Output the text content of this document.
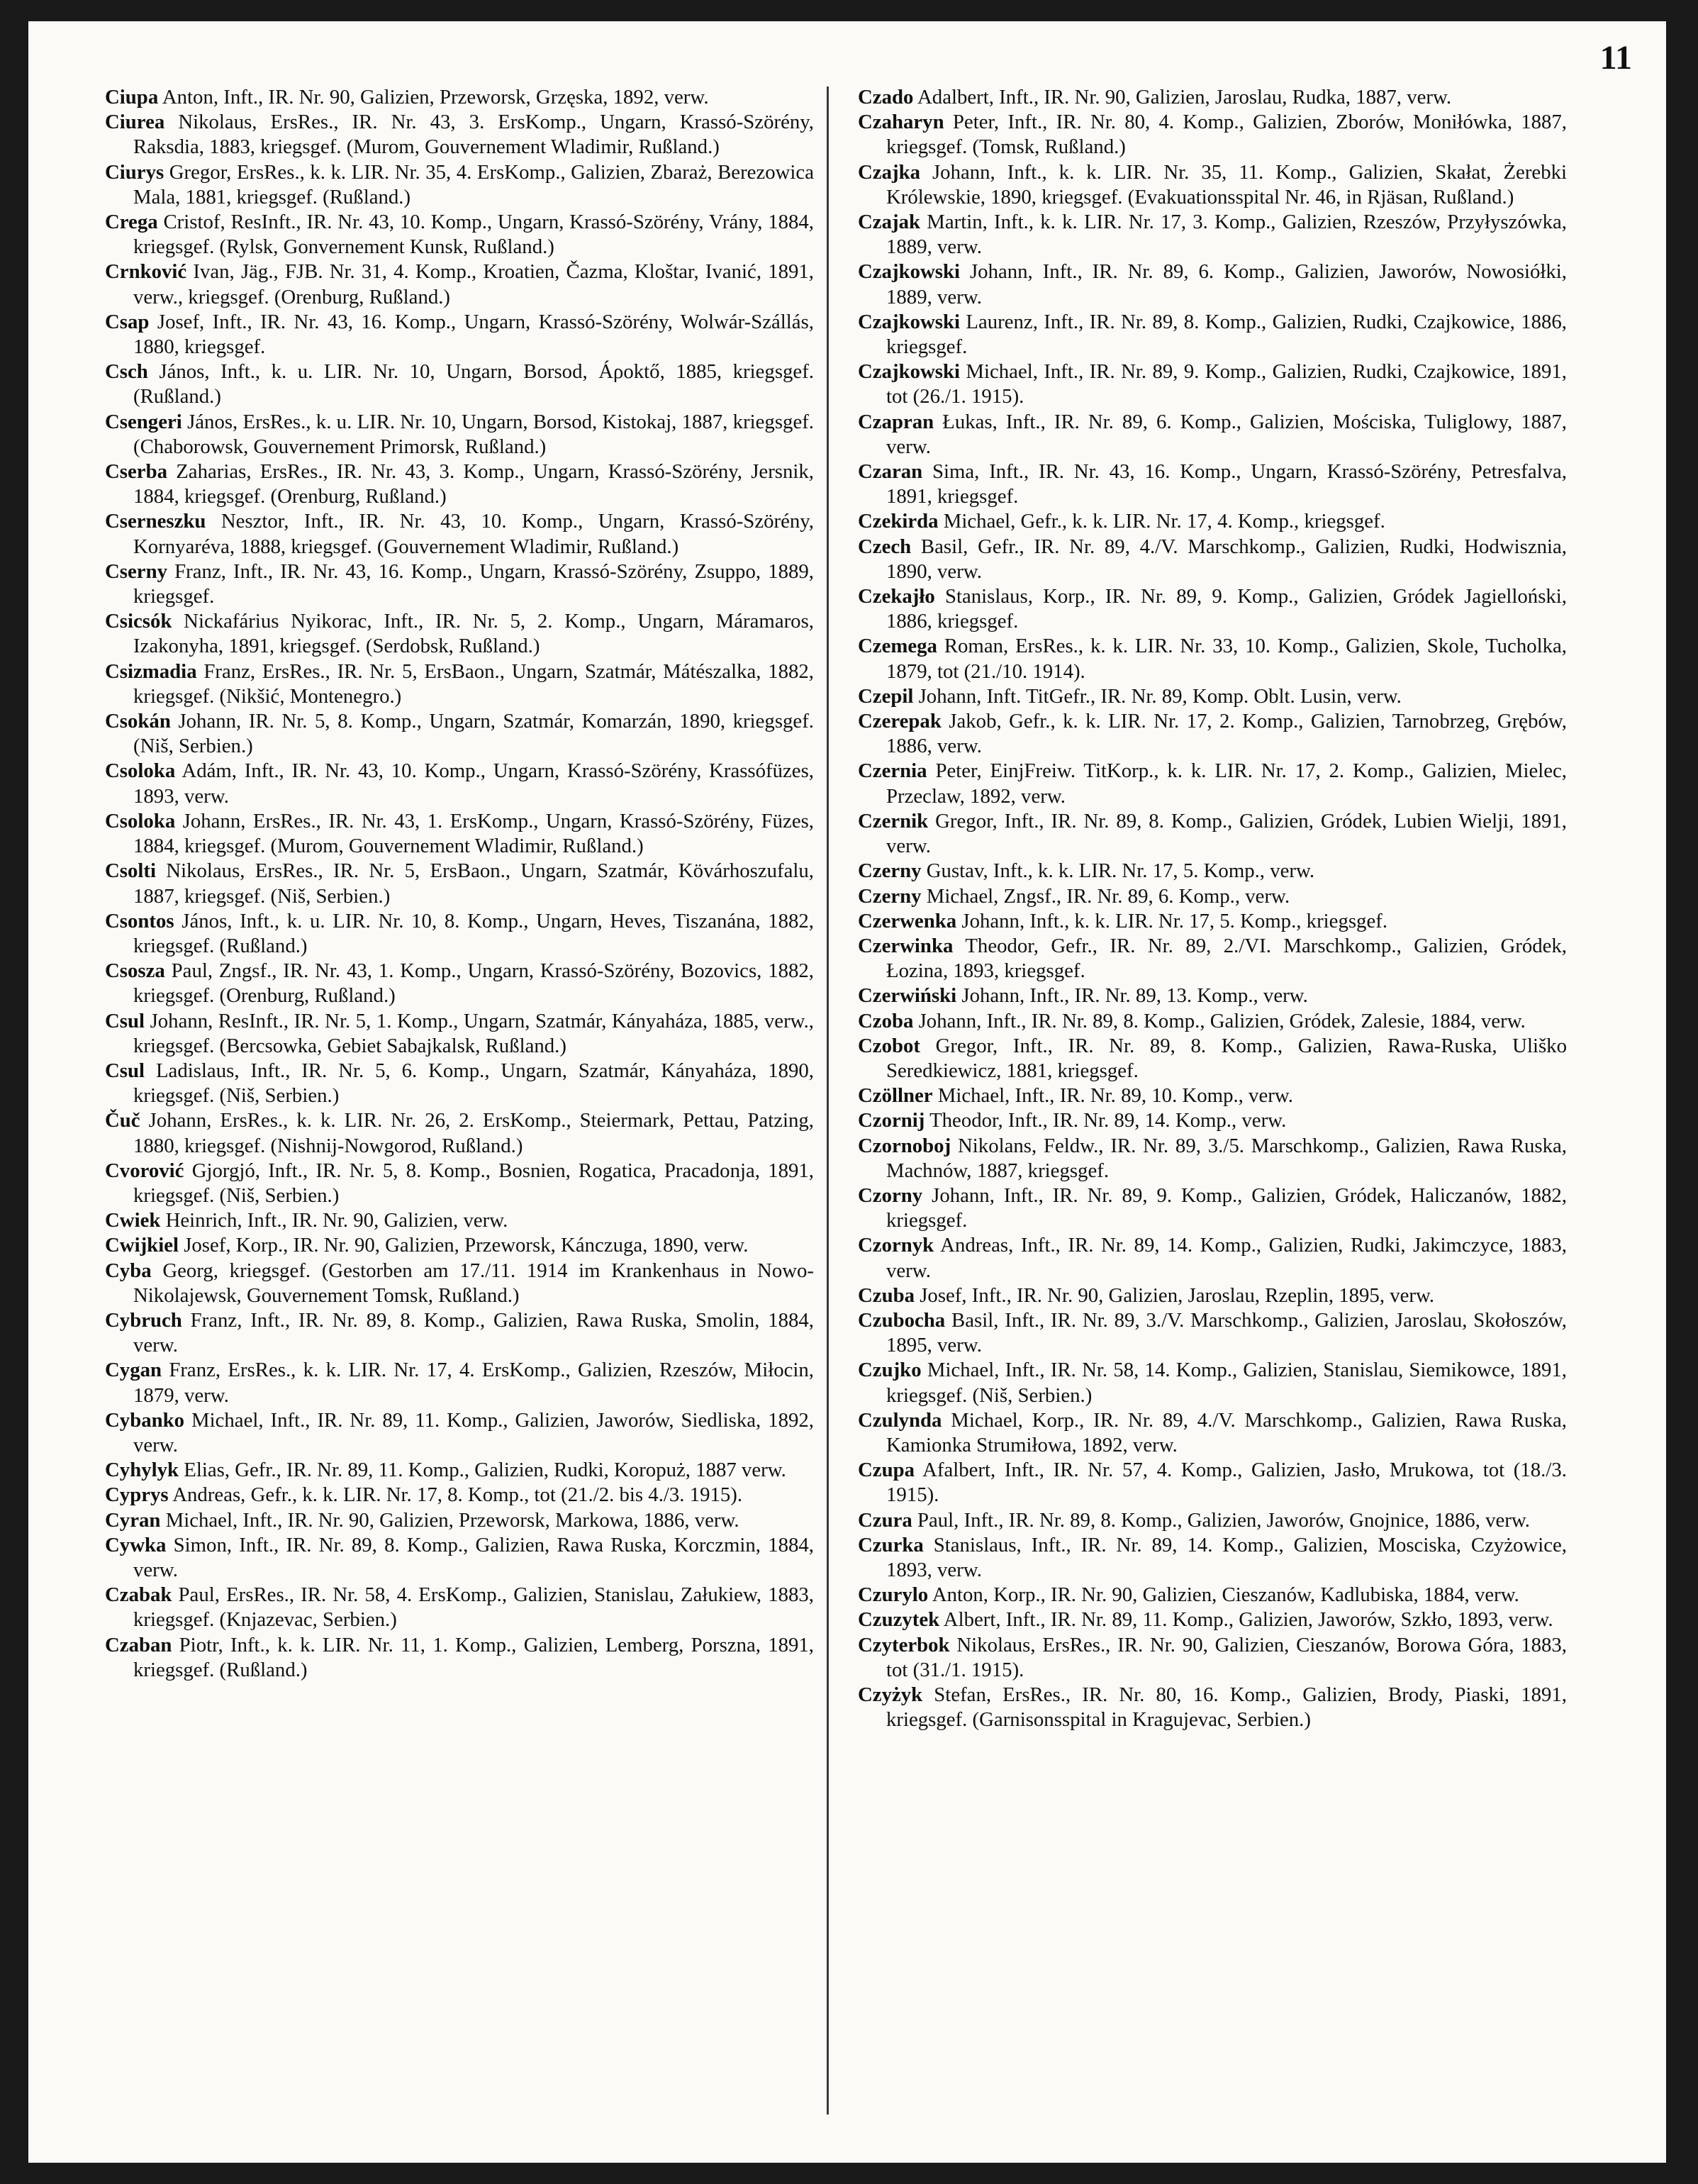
11
Ciupa Anton, Inft., IR. Nr. 90, Galizien, Przeworsk, Grzęska, 1892, verw.
Ciurea Nikolaus, ErsRes., IR. Nr. 43, 3. ErsKomp., Ungarn, Krassó-Szörény, Raksdia, 1883, kriegsgef. (Murom, Gouvernement Wladimir, Rußland.)
Ciurys Gregor, ErsRes., k. k. LIR. Nr. 35, 4. ErsKomp., Galizien, Zbaraż, Berezowica Mala, 1881, kriegsgef. (Rußland.)
Crega Cristof, ResInft., IR. Nr. 43, 10. Komp., Ungarn, Krassó-Szörény, Vrány, 1884, kriegsgef. (Rylsk, Gonvernement Kunsk, Rußland.)
Crnković Ivan, Jäg., FJB. Nr. 31, 4. Komp., Kroatien, Čazma, Kloštar, Ivanić, 1891, verw., kriegsgef. (Orenburg, Rußland.)
Csap Josef, Inft., IR. Nr. 43, 16. Komp., Ungarn, Krassó-Szörény, Wolwár-Szállás, 1880, kriegsgef.
Csch János, Inft., k. u. LIR. Nr. 10, Ungarn, Borsod, Áροktő, 1885, kriegsgef. (Rußland.)
Csengeri János, ErsRes., k. u. LIR. Nr. 10, Ungarn, Borsod, Kistokaj, 1887, kriegsgef. (Chaborowsk, Gouvernement Primorsk, Rußland.)
Cserba Zaharias, ErsRes., IR. Nr. 43, 3. Komp., Ungarn, Krassó-Szörény, Jersnik, 1884, kriegsgef. (Orenburg, Rußland.)
Cserneszku Nesztor, Inft., IR. Nr. 43, 10. Komp., Ungarn, Krassó-Szörény, Kornyaréva, 1888, kriegsgef. (Gouvernement Wladimir, Rußland.)
Cserny Franz, Inft., IR. Nr. 43, 16. Komp., Ungarn, Krassó-Szörény, Zsuppo, 1889, kriegsgef.
Csicsók Nickafárius Nyikorac, Inft., IR. Nr. 5, 2. Komp., Ungarn, Máramaros, Izakonyha, 1891, kriegsgef. (Serdobsk, Rußland.)
Csizmadia Franz, ErsRes., IR. Nr. 5, ErsBaon., Ungarn, Szatmár, Mátészalka, 1882, kriegsgef. (Nikšić, Montenegro.)
Csokán Johann, IR. Nr. 5, 8. Komp., Ungarn, Szatmár, Komarzán, 1890, kriegsgef. (Niš, Serbien.)
Csoloka Adám, Inft., IR. Nr. 43, 10. Komp., Ungarn, Krassó-Szörény, Krassófüzes, 1893, verw.
Csoloka Johann, ErsRes., IR. Nr. 43, 1. ErsKomp., Ungarn, Krassó-Szörény, Füzes, 1884, kriegsgef. (Murom, Gouvernement Wladimir, Rußland.)
Csolti Nikolaus, ErsRes., IR. Nr. 5, ErsBaon., Ungarn, Szatmár, Kövárhoszufalu, 1887, kriegsgef. (Niš, Serbien.)
Csontos János, Inft., k. u. LIR. Nr. 10, 8. Komp., Ungarn, Heves, Tiszanána, 1882, kriegsgef. (Rußland.)
Csosza Paul, Zngsf., IR. Nr. 43, 1. Komp., Ungarn, Krassó-Szörény, Bozovics, 1882, kriegsgef. (Orenburg, Rußland.)
Csul Johann, ResInft., IR. Nr. 5, 1. Komp., Ungarn, Szatmár, Kányaháza, 1885, verw., kriegsgef. (Bercsowka, Gebiet Sabajkalsk, Rußland.)
Csul Ladislaus, Inft., IR. Nr. 5, 6. Komp., Ungarn, Szatmár, Kányaháza, 1890, kriegsgef. (Niš, Serbien.)
Čuč Johann, ErsRes., k. k. LIR. Nr. 26, 2. ErsKomp., Steiermark, Pettau, Patzing, 1880, kriegsgef. (Nishnij-Nowgorod, Rußland.)
Cvorović Gjorgjó, Inft., IR. Nr. 5, 8. Komp., Bosnien, Rogatica, Pracadonja, 1891, kriegsgef. (Niš, Serbien.)
Cwiek Heinrich, Inft., IR. Nr. 90, Galizien, verw.
Cwijkiel Josef, Korp., IR. Nr. 90, Galizien, Przeworsk, Kánczuga, 1890, verw.
Cyba Georg, kriegsgef. (Gestorben am 17./11. 1914 im Krankenhaus in Nowo-Nikolajewsk, Gouvernement Tomsk, Rußland.)
Cybruch Franz, Inft., IR. Nr. 89, 8. Komp., Galizien, Rawa Ruska, Smolin, 1884, verw.
Cygan Franz, ErsRes., k. k. LIR. Nr. 17, 4. ErsKomp., Galizien, Rzeszów, Miłocin, 1879, verw.
Cybanko Michael, Inft., IR. Nr. 89, 11. Komp., Galizien, Jaworów, Siedliska, 1892, verw.
Cyhylyk Elias, Gefr., IR. Nr. 89, 11. Komp., Galizien, Rudki, Koropuż, 1887 verw.
Cyprys Andreas, Gefr., k. k. LIR. Nr. 17, 8. Komp., tot (21./2. bis 4./3. 1915).
Cyran Michael, Inft., IR. Nr. 90, Galizien, Przeworsk, Markowa, 1886, verw.
Cywka Simon, Inft., IR. Nr. 89, 8. Komp., Galizien, Rawa Ruska, Korczmin, 1884, verw.
Czabak Paul, ErsRes., IR. Nr. 58, 4. ErsKomp., Galizien, Stanislau, Załukiew, 1883, kriegsgef. (Knjazevac, Serbien.)
Czaban Piotr, Inft., k. k. LIR. Nr. 11, 1. Komp., Galizien, Lemberg, Porszna, 1891, kriegsgef. (Rußland.)
Czado Adalbert, Inft., IR. Nr. 90, Galizien, Jaroslau, Rudka, 1887, verw.
Czaharyn Peter, Inft., IR. Nr. 80, 4. Komp., Galizien, Zborów, Moniłówka, 1887, kriegsgef. (Tomsk, Rußland.)
Czajka Johann, Inft., k. k. LIR. Nr. 35, 11. Komp., Galizien, Skałat, Żerebki Królewskie, 1890, kriegsgef. (Evakuationsspital Nr. 46, in Rjäsan, Rußland.)
Czajak Martin, Inft., k. k. LIR. Nr. 17, 3. Komp., Galizien, Rzeszów, Przyłyszówka, 1889, verw.
Czajkowski Johann, Inft., IR. Nr. 89, 6. Komp., Galizien, Jaworów, Nowosiółki, 1889, verw.
Czajkowski Laurenz, Inft., IR. Nr. 89, 8. Komp., Galizien, Rudki, Czajkowice, 1886, kriegsgef.
Czajkowski Michael, Inft., IR. Nr. 89, 9. Komp., Galizien, Rudki, Czajkowice, 1891, tot (26./1. 1915).
Czapran Łukas, Inft., IR. Nr. 89, 6. Komp., Galizien, Mościska, Tuliglowy, 1887, verw.
Czaran Sima, Inft., IR. Nr. 43, 16. Komp., Ungarn, Krassó-Szörény, Petresfalva, 1891, kriegsgef.
Czekirda Michael, Gefr., k. k. LIR. Nr. 17, 4. Komp., kriegsgef.
Czech Basil, Gefr., IR. Nr. 89, 4./V. Marschkomp., Galizien, Rudki, Hodwisznia, 1890, verw.
Czekajło Stanislaus, Korp., IR. Nr. 89, 9. Komp., Galizien, Gródek Jagielloński, 1886, kriegsgef.
Czemega Roman, ErsRes., k. k. LIR. Nr. 33, 10. Komp., Galizien, Skole, Tucholka, 1879, tot (21./10. 1914).
Czepil Johann, Inft. TitGefr., IR. Nr. 89, Komp. Oblt. Lusin, verw.
Czerepak Jakob, Gefr., k. k. LIR. Nr. 17, 2. Komp., Galizien, Tarnobrzeg, Grębów, 1886, verw.
Czernia Peter, EinjFreiw. TitKorp., k. k. LIR. Nr. 17, 2. Komp., Galizien, Mielec, Przeclaw, 1892, verw.
Czernik Gregor, Inft., IR. Nr. 89, 8. Komp., Galizien, Gródek, Lubien Wielji, 1891, verw.
Czerny Gustav, Inft., k. k. LIR. Nr. 17, 5. Komp., verw.
Czerny Michael, Zngsf., IR. Nr. 89, 6. Komp., verw.
Czerwenka Johann, Inft., k. k. LIR. Nr. 17, 5. Komp., kriegsgef.
Czerwinka Theodor, Gefr., IR. Nr. 89, 2./VI. Marschkomp., Galizien, Gródek, Łozina, 1893, kriegsgef.
Czerwiński Johann, Inft., IR. Nr. 89, 13. Komp., verw.
Czoba Johann, Inft., IR. Nr. 89, 8. Komp., Galizien, Gródek, Zalesie, 1884, verw.
Czobot Gregor, Inft., IR. Nr. 89, 8. Komp., Galizien, Rawa-Ruska, Uliško Seredkiewicz, 1881, kriegsgef.
Czöllner Michael, Inft., IR. Nr. 89, 10. Komp., verw.
Czornij Theodor, Inft., IR. Nr. 89, 14. Komp., verw.
Czornoboj Nikolans, Feldw., IR. Nr. 89, 3./5. Marschkomp., Galizien, Rawa Ruska, Machnów, 1887, kriegsgef.
Czorny Johann, Inft., IR. Nr. 89, 9. Komp., Galizien, Gródek, Haliczanów, 1882, kriegsgef.
Czornyk Andreas, Inft., IR. Nr. 89, 14. Komp., Galizien, Rudki, Jakimczyce, 1883, verw.
Czuba Josef, Inft., IR. Nr. 90, Galizien, Jaroslau, Rzeplin, 1895, verw.
Czubocha Basil, Inft., IR. Nr. 89, 3./V. Marschkomp., Galizien, Jaroslau, Skołoszów, 1895, verw.
Czujko Michael, Inft., IR. Nr. 58, 14. Komp., Galizien, Stanislau, Siemikowce, 1891, kriegsgef. (Niš, Serbien.)
Czulynda Michael, Korp., IR. Nr. 89, 4./V. Marschkomp., Galizien, Rawa Ruska, Kamionka Strumiłowa, 1892, verw.
Czupa Afalbert, Inft., IR. Nr. 57, 4. Komp., Galizien, Jasło, Mrukowa, tot (18./3. 1915).
Czura Paul, Inft., IR. Nr. 89, 8. Komp., Galizien, Jaworów, Gnojnice, 1886, verw.
Czurka Stanislaus, Inft., IR. Nr. 89, 14. Komp., Galizien, Mosciska, Czyżowice, 1893, verw.
Czurylo Anton, Korp., IR. Nr. 90, Galizien, Cieszanów, Kadlubiska, 1884, verw.
Czuzytek Albert, Inft., IR. Nr. 89, 11. Komp., Galizien, Jaworów, Szkło, 1893, verw.
Czyterbok Nikolaus, ErsRes., IR. Nr. 90, Galizien, Cieszanów, Borowa Góra, 1883, tot (31./1. 1915).
Czyżyk Stefan, ErsRes., IR. Nr. 80, 16. Komp., Galizien, Brody, Piaski, 1891, kriegsgef. (Garnisonsspital in Kragujevac, Serbien.)
